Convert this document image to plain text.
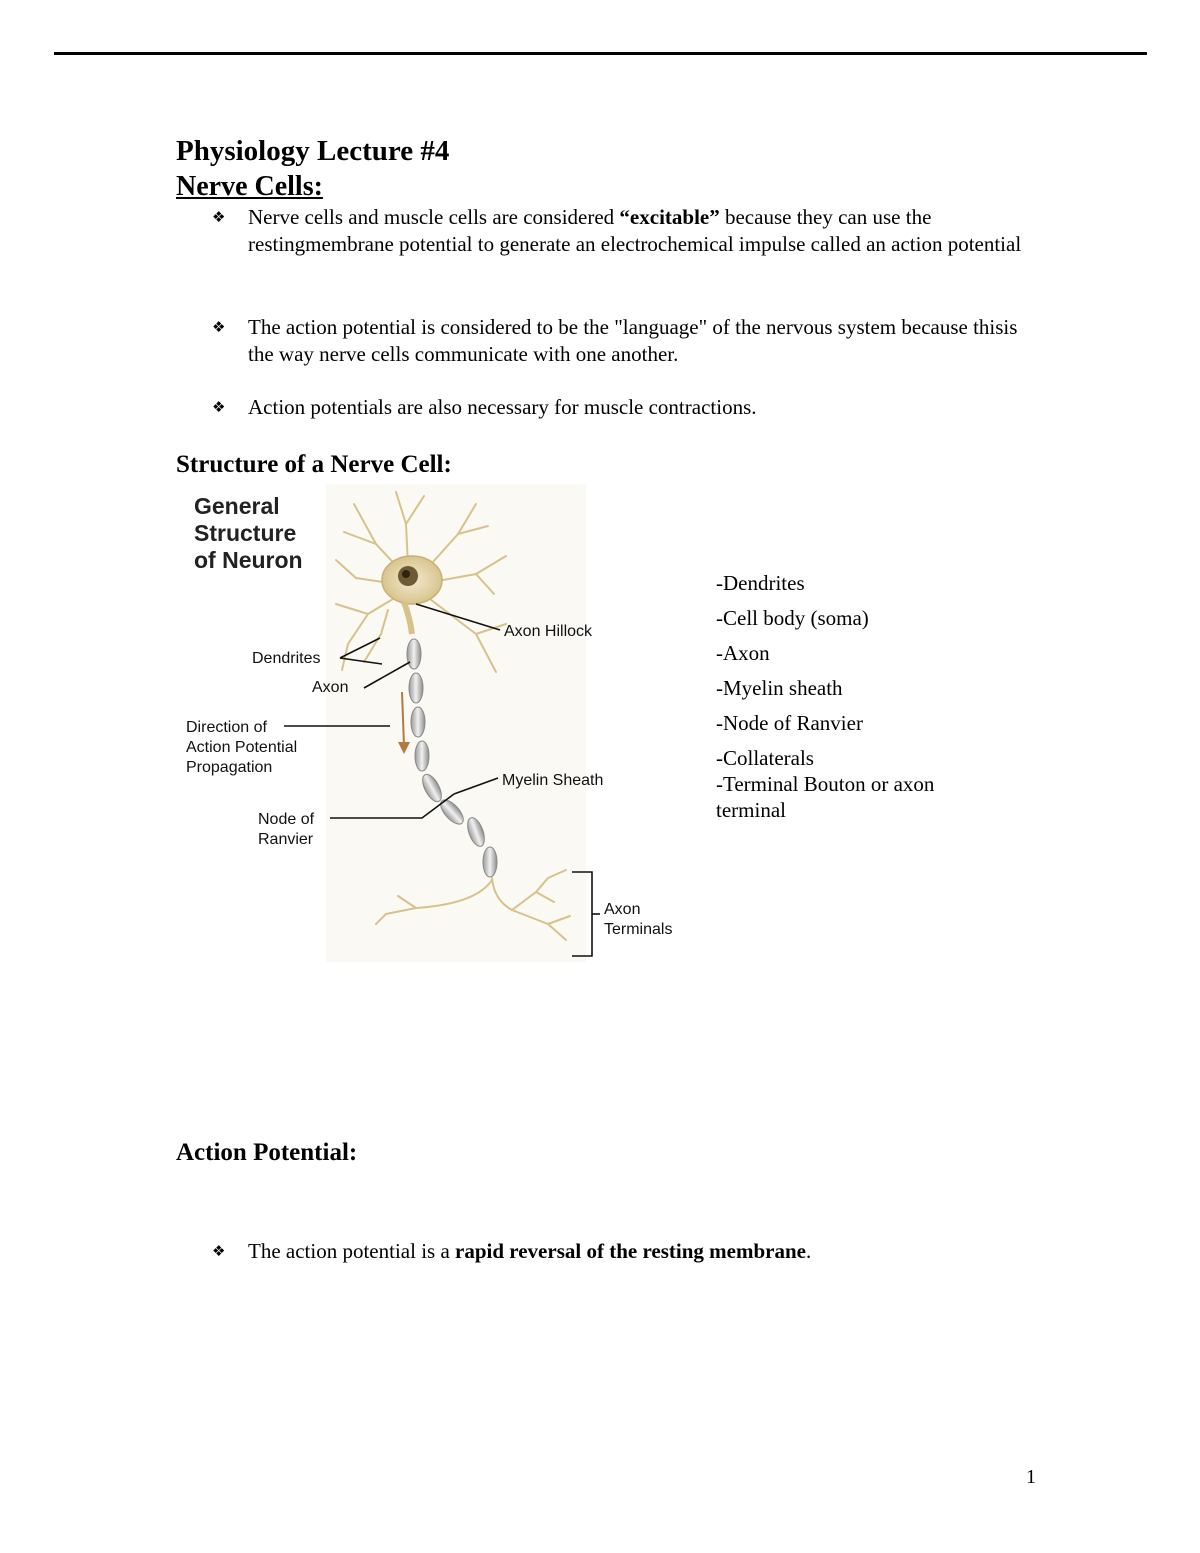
Physiology Lecture #4
Nerve Cells:
❖ Nerve cells and muscle cells are considered “excitable” because they can use the restingmembrane potential to generate an electrochemical impulse called an action potential
❖ The action potential is considered to be the "language" of the nervous system because thisis the way nerve cells communicate with one another.
❖ Action potentials are also necessary for muscle contractions.
Structure of a Nerve Cell:
General
Structure
of Neuron
Axon Hillock
Dendrites
Axon
Direction of
Action Potential
Propagation
Myelin Sheath
Node of
Ranvier
Axon
Terminals
-Dendrites
-Cell body (soma)
-Axon
-Myelin sheath
-Node of Ranvier
-Collaterals
-Terminal Bouton or axon
terminal
Action Potential:
❖ The action potential is a rapid reversal of the resting membrane.
1
